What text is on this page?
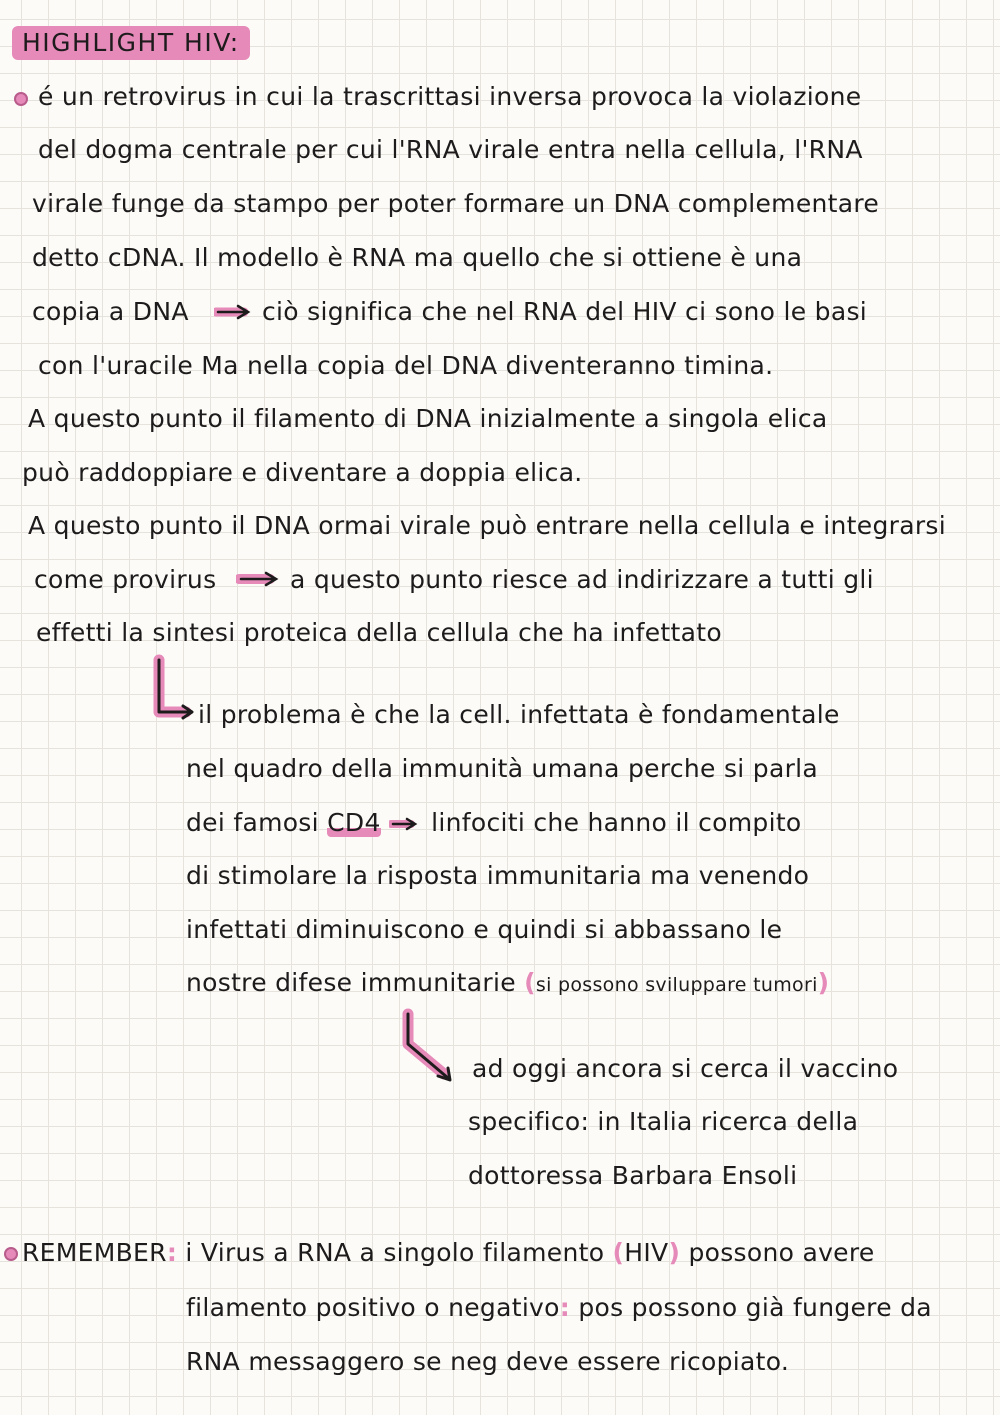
HIGHLIGHT HIV:
é un retrovirus in cui la trascrittasi inversa provoca la violazione
del dogma centrale per cui l'RNA virale entra nella cellula, l'RNA
virale funge da stampo per poter formare un DNA complementare
detto cDNA. Il modello è RNA ma quello che si ottiene è una
copia a DNA	ciò significa che nel RNA del HIV ci sono le basi
con l'uracile Ma nella copia del DNA diventeranno timina.
A questo punto il filamento di DNA inizialmente a singola elica
può raddoppiare e diventare a doppia elica.
A questo punto il DNA ormai virale può entrare nella cellula e integrarsi
come provirus	a questo punto riesce ad indirizzare a tutti gli
effetti la sintesi proteica della cellula che ha infettato
il problema è che la cell. infettata è fondamentale
nel quadro della immunità umana perche si parla
dei famosi CD4 linfociti che hanno il compito
di stimolare la risposta immunitaria ma venendo
infettati diminuiscono e quindi si abbassano le
nostre difese immunitarie (si possono sviluppare tumori)
ad oggi ancora si cerca il vaccino
specifico: in Italia ricerca della
dottoressa Barbara Ensoli
REMEMBER: i Virus a RNA a singolo filamento (HIV) possono avere
filamento positivo o negativo: pos possono già fungere da
RNA messaggero se neg deve essere ricopiato.
